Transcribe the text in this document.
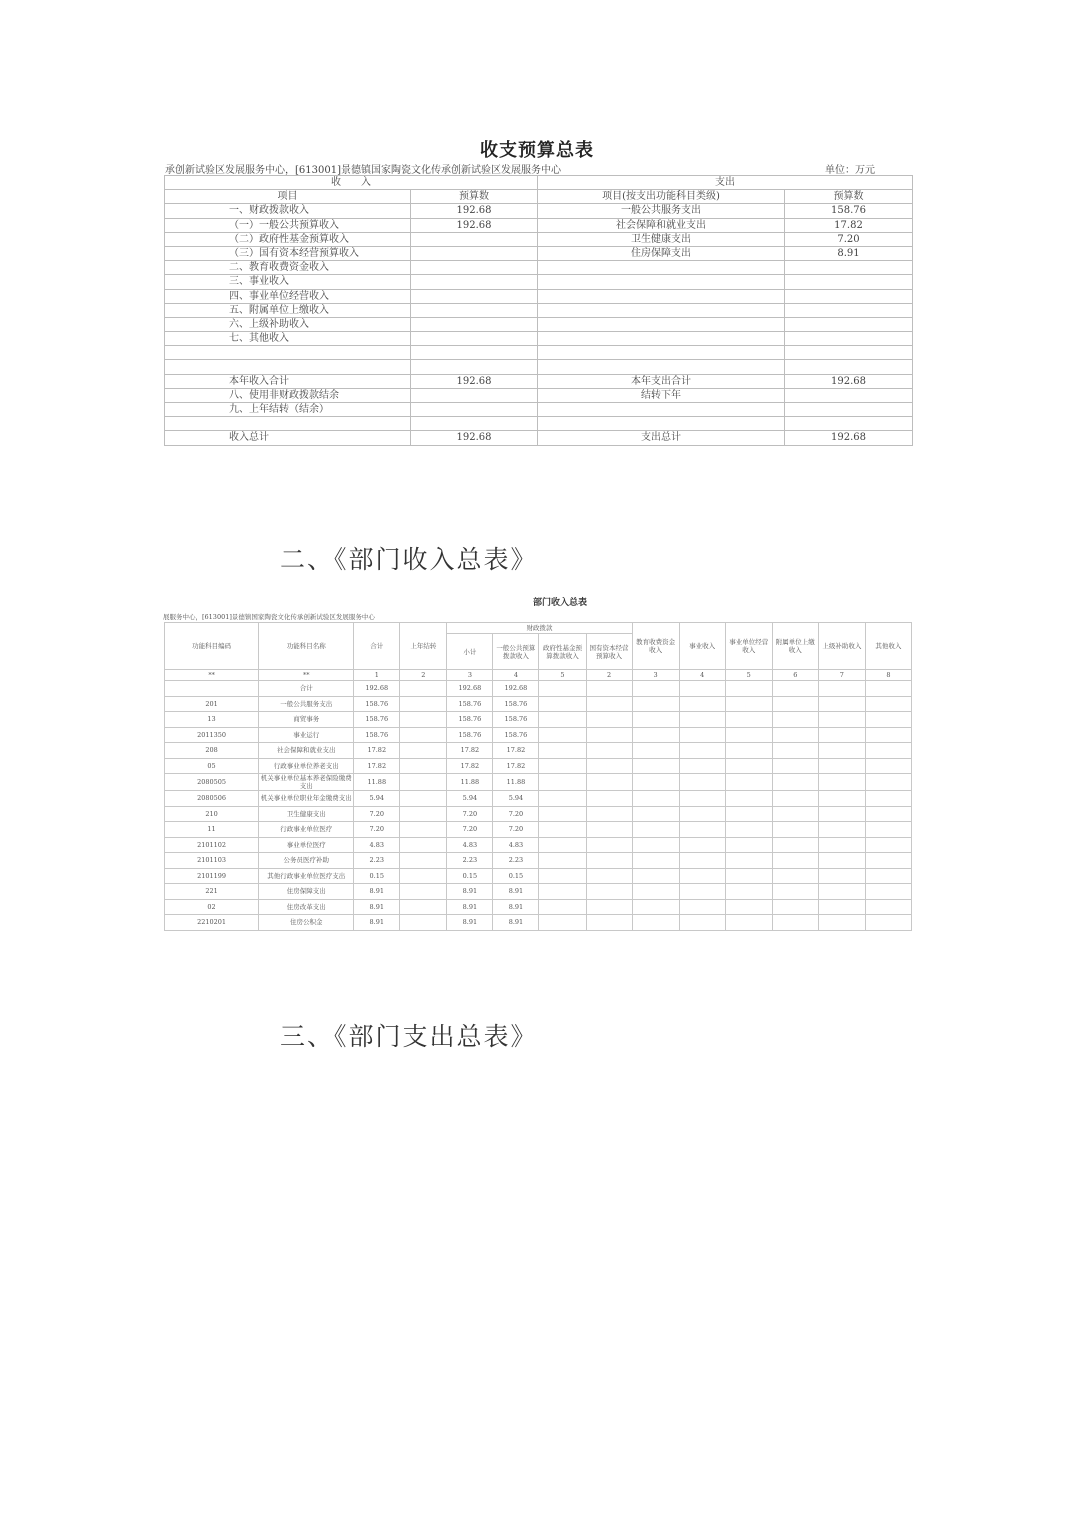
收支预算总表
承创新试验区发展服务中心，[613001]景德镇国家陶瓷文化传承创新试验区发展服务中心	单位：万元
收　　入		支出	
项目	预算数	项目(按支出功能科目类级)	预算数
一、财政拨款收入	192.68	一般公共服务支出	158.76
（一）一般公共预算收入	192.68	社会保障和就业支出	17.82
（二）政府性基金预算收入		卫生健康支出	7.20
（三）国有资本经营预算收入		住房保障支出	8.91
二、教育收费资金收入			
三、事业收入			
四、事业单位经营收入			
五、附属单位上缴收入			
六、上级补助收入			
七、其他收入			

本年收入合计	192.68	本年支出合计	192.68
八、使用非财政拨款结余		结转下年	
九、上年结转（结余）			

收入总计	192.68	支出总计	192.68
二、《部门收入总表》
部门收入总表
展服务中心，[613001]景德镇国家陶瓷文化传承创新试验区发展服务中心
功能科目编码	功能科目名称	合计	上年结转	财政拨款				教育收费资金收入	事业收入	事业单位经营收入	附属单位上缴收入	上级补助收入	其他收入
				小计	一般公共预算拨款收入	政府性基金预算拨款收入	国有资本经营预算收入						
**	**	1	2	3	4	5	2	3	4	5	6	7	8
	合计	192.68		192.68	192.68								
201	一般公共服务支出	158.76		158.76	158.76								
13	商贸事务	158.76		158.76	158.76								
2011350	事业运行	158.76		158.76	158.76								
208	社会保障和就业支出	17.82		17.82	17.82								
05	行政事业单位养老支出	17.82		17.82	17.82								
2080505	机关事业单位基本养老保险缴费支出	11.88		11.88	11.88								
2080506	机关事业单位职业年金缴费支出	5.94		5.94	5.94								
210	卫生健康支出	7.20		7.20	7.20								
11	行政事业单位医疗	7.20		7.20	7.20								
2101102	事业单位医疗	4.83		4.83	4.83								
2101103	公务员医疗补助	2.23		2.23	2.23								
2101199	其他行政事业单位医疗支出	0.15		0.15	0.15								
221	住房保障支出	8.91		8.91	8.91								
02	住房改革支出	8.91		8.91	8.91								
2210201	住房公积金	8.91		8.91	8.91								
三、《部门支出总表》
